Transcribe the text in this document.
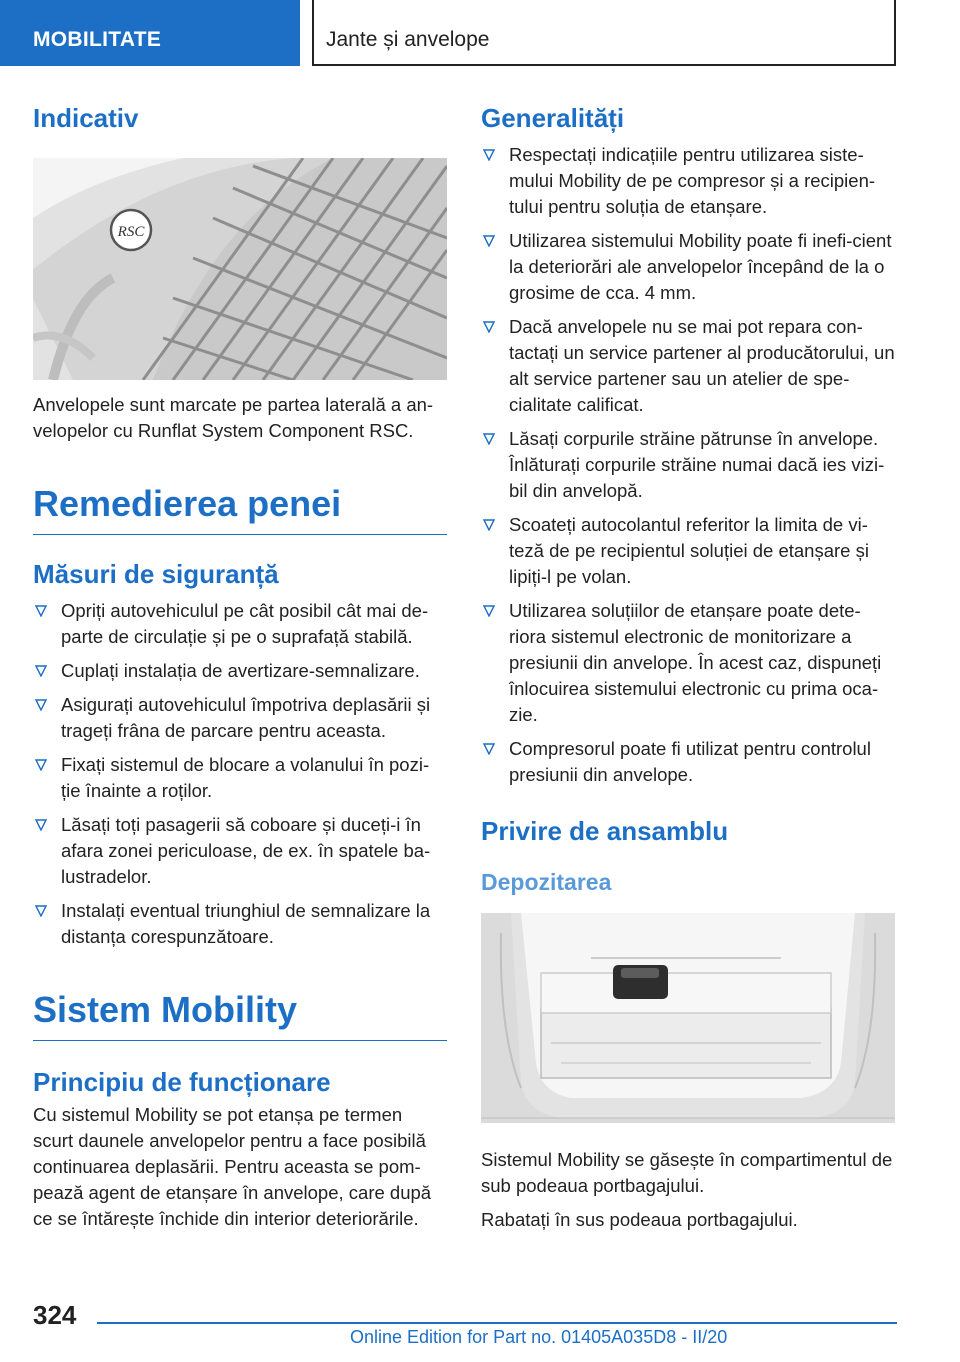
MOBILITATE	Jante și anvelope
Indicativ
RSC

Anvelopele sunt marcate pe partea laterală a an-velopelor cu Runflat System Component RSC.

Remedierea penei
Măsuri de siguranță
Opriți autovehiculul pe cât posibil cât mai de-parte de circulație și pe o suprafață stabilă.
Cuplați instalația de avertizare-semnalizare.
Asigurați autovehiculul împotriva deplasării și trageți frâna de parcare pentru aceasta.
Fixați sistemul de blocare a volanului în pozi-ție înainte a roților.
Lăsați toți pasagerii să coboare și duceți-i în afara zonei periculoase, de ex. în spatele ba-lustradelor.
Instalați eventual triunghiul de semnalizare la distanța corespunzătoare.
Sistem Mobility
Principiu de funcționare

Cu sistemul Mobility se pot etanșa pe termen scurt daunele anvelopelor pentru a face posibilă continuarea deplasării. Pentru aceasta se pom-pează agent de etanșare în anvelope, care după ce se întărește închide din interior deteriorările.

Generalități
Respectați indicațiile pentru utilizarea siste-mului Mobility de pe compresor și a recipien-tului pentru soluția de etanșare.
Utilizarea sistemului Mobility poate fi inefi-cient la deteriorări ale anvelopelor începând de la o grosime de cca. 4 mm.
Dacă anvelopele nu se mai pot repara con-tactați un service partener al producătorului, un alt service partener sau un atelier de spe-cialitate calificat.
Lăsați corpurile străine pătrunse în anvelope. Înlăturați corpurile străine numai dacă ies vizi-bil din anvelopă.
Scoateți autocolantul referitor la limita de vi-teză de pe recipientul soluției de etanșare și lipiți-l pe volan.
Utilizarea soluțiilor de etanșare poate dete-riora sistemul electronic de monitorizare a presiunii din anvelope. În acest caz, dispuneți înlocuirea sistemului electronic cu prima oca-zie.
Compresorul poate fi utilizat pentru controlul presiunii din anvelope.
Privire de ansamblu
Depozitarea

Sistemul Mobility se găsește în compartimentul de sub podeaua portbagajului.

Rabatați în sus podeaua portbagajului.

324
Online Edition for Part no. 01405A035D8 - II/20
